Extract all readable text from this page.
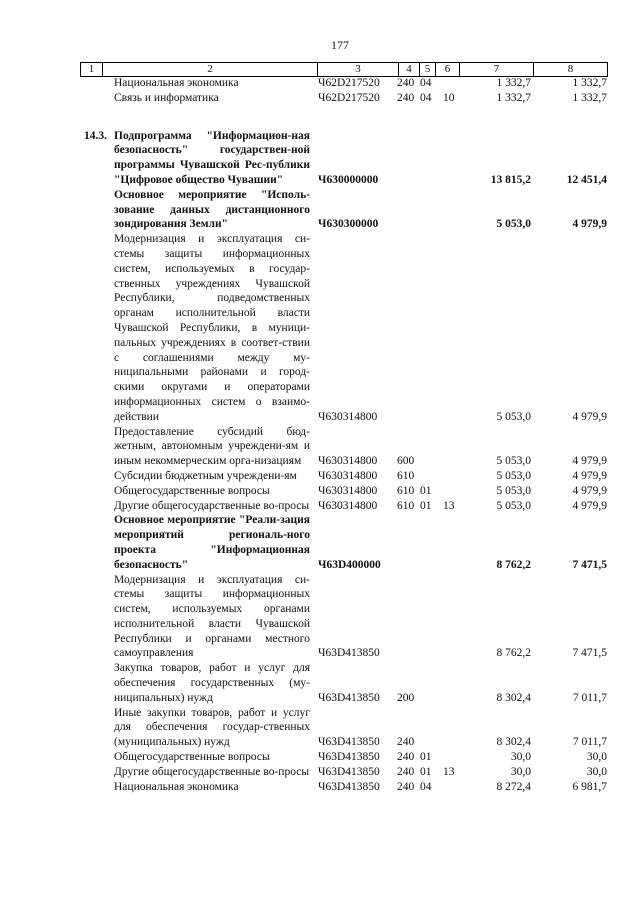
177
1	2	3	4	5	6	7	8
Национальная экономика	Ч62D217520 240 04	1 332,7	1 332,7
Связь и информатика	Ч62D217520 240 04 10	1 332,7	1 332,7
14.3. Подпрограмма "Информацион-ная безопасность" государствен-ной программы Чувашской Рес-публики "Цифровое общество Чувашии"	Ч630000000	13 815,2	12 451,4
Основное мероприятие "Исполь-зование данных дистанционного зондирования Земли"	Ч630300000	5 053,0	4 979,9
Модернизация и эксплуатация си-стемы защиты информационных систем, используемых в государ-ственных учреждениях Чувашской Республики, подведомственных органам исполнительной власти Чувашской Республики, в муници-пальных учреждениях в соответ-ствии с соглашениями между му-ниципальными районами и город-скими округами и операторами информационных систем о взаимо-действии	Ч630314800	5 053,0	4 979,9
Предоставление субсидий бюд-жетным, автономным учреждени-ям и иным некоммерческим орга-низациям	Ч630314800 600	5 053,0	4 979,9
Субсидии бюджетным учреждени-ям	Ч630314800 610	5 053,0	4 979,9
Общегосударственные вопросы	Ч630314800 610 01	5 053,0	4 979,9
Другие общегосударственные во-просы Ч630314800 610 01 13	5 053,0	4 979,9
Основное мероприятие "Реали-зация мероприятий региональ-ного проекта "Информационная безопасность"	Ч63D400000	8 762,2	7 471,5
Модернизация и эксплуатация си-стемы защиты информационных систем, используемых органами исполнительной власти Чувашской Республики и органами местного самоуправления	Ч63D413850	8 762,2	7 471,5
Закупка товаров, работ и услуг для обеспечения государственных (му-ниципальных) нужд	Ч63D413850 200	8 302,4	7 011,7
Иные закупки товаров, работ и услуг для обеспечения государ-ственных (муниципальных) нужд	Ч63D413850 240	8 302,4	7 011,7
Общегосударственные вопросы	Ч63D413850 240 01	30,0	30,0
Другие общегосударственные во-просы Ч63D413850 240 01 13	30,0	30,0
Национальная экономика	Ч63D413850 240 04	8 272,4	6 981,7
